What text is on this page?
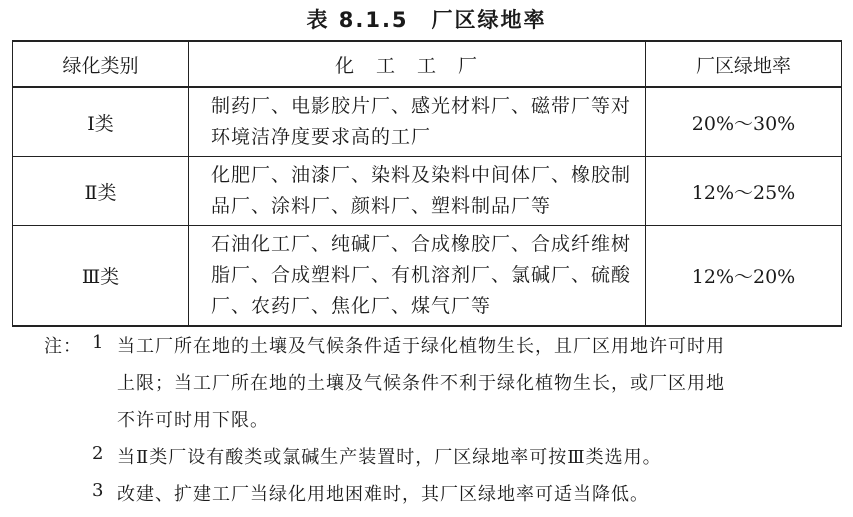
表 8.1.5　厂区绿地率
绿化类别	化工工厂	厂区绿地率
Ⅰ类	制药厂、电影胶片厂、感光材料厂、磁带厂等对环境洁净度要求高的工厂	20%～30%
Ⅱ类	化肥厂、油漆厂、染料及染料中间体厂、橡胶制品厂、涂料厂、颜料厂、塑料制品厂等	12%～25%
Ⅲ类	石油化工厂、纯碱厂、合成橡胶厂、合成纤维树脂厂、合成塑料厂、有机溶剂厂、氯碱厂、硫酸厂、农药厂、焦化厂、煤气厂等	12%～20%
注： 1 当工厂所在地的土壤及气候条件适于绿化植物生长，且厂区用地许可时用
上限；当工厂所在地的土壤及气候条件不利于绿化植物生长，或厂区用地
不许可时用下限。
2 当Ⅱ类厂设有酸类或氯碱生产装置时，厂区绿地率可按Ⅲ类选用。
3 改建、扩建工厂当绿化用地困难时，其厂区绿地率可适当降低。
